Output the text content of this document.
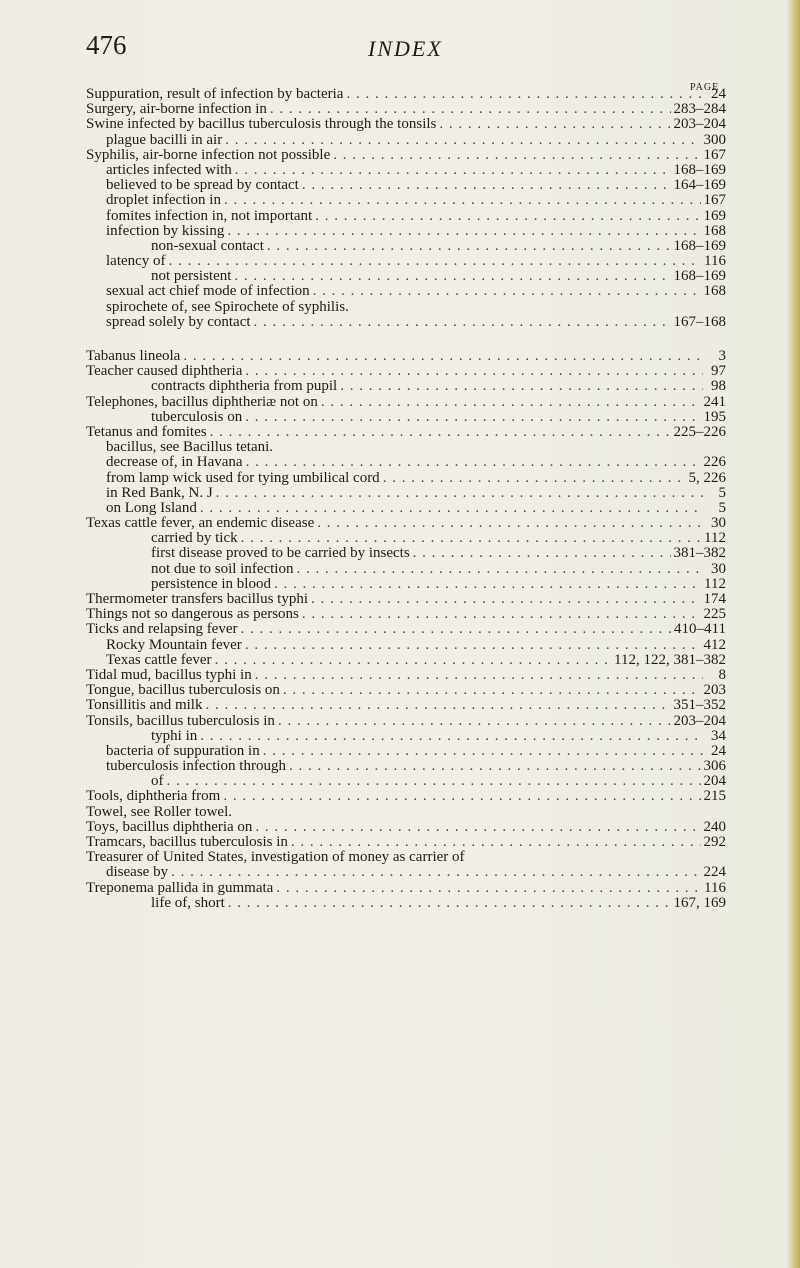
476	INDEX
PAGE
Suppuration, result of infection by bacteria . . .	24
Surgery, air-borne infection in . . .	283–284
Swine infected by bacillus tuberculosis through the tonsils . . .	203–204
plague bacilli in air . . .	300
Syphilis, air-borne infection not possible . . .	167
articles infected with . . .	168–169
believed to be spread by contact . . .	164–169
droplet infection in . . .	167
fomites infection in, not important . . .	169
infection by kissing . . .	168
non-sexual contact . . .	168–169
latency of . . .	116
not persistent . . .	168–169
sexual act chief mode of infection . . .	168
spirochete of, see Spirochete of syphilis.
spread solely by contact . . .	167–168
Tabanus lineola . . .	3
Teacher caused diphtheria . . .	97
contracts diphtheria from pupil . . .	98
Telephones, bacillus diphtheriæ not on . . .	241
tuberculosis on . . .	195
Tetanus and fomites . . .	225–226
bacillus, see Bacillus tetani.
decrease of, in Havana . . .	226
from lamp wick used for tying umbilical cord . . .	5, 226
in Red Bank, N. J . . .	5
on Long Island . . .	5
Texas cattle fever, an endemic disease . . .	30
carried by tick . . .	112
first disease proved to be carried by insects . . .	381–382
not due to soil infection . . .	30
persistence in blood . . .	112
Thermometer transfers bacillus typhi . . .	174
Things not so dangerous as persons . . .	225
Ticks and relapsing fever . . .	410–411
Rocky Mountain fever . . .	412
Texas cattle fever . . .	112, 122, 381–382
Tidal mud, bacillus typhi in . . .	8
Tongue, bacillus tuberculosis on . . .	203
Tonsillitis and milk . . .	351–352
Tonsils, bacillus tuberculosis in . . .	203–204
typhi in . . .	34
bacteria of suppuration in . . .	24
tuberculosis infection through . . .	306
of . . .	204
Tools, diphtheria from . . .	215
Towel, see Roller towel.
Toys, bacillus diphtheria on . . .	240
Tramcars, bacillus tuberculosis in . . .	292
Treasurer of United States, investigation of money as carrier of
disease by . . .	224
Treponema pallida in gummata . . .	116
life of, short . . .	167, 169
